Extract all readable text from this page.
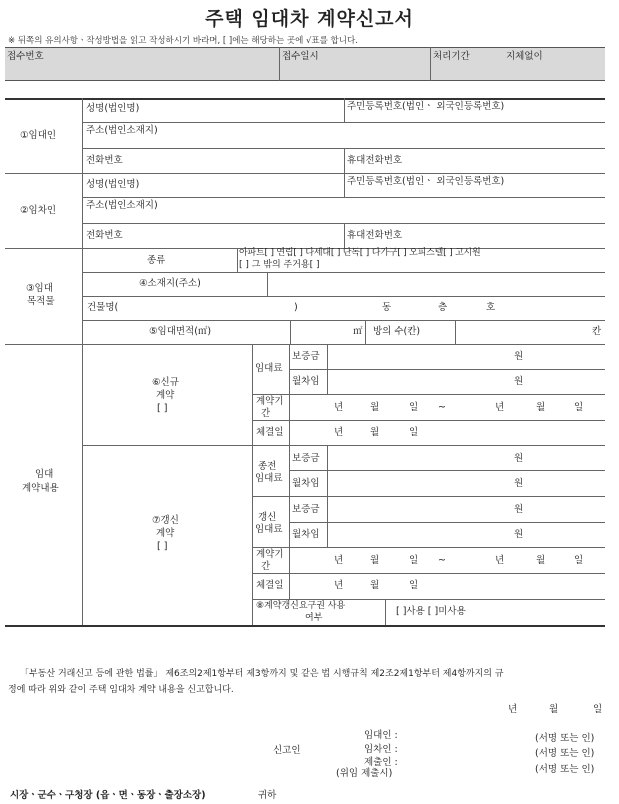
주택 임대차 계약신고서
※ 뒤쪽의 유의사항ㆍ작성방법을 읽고 작성하시기 바라며, [ ]에는 해당하는 곳에 √표를 합니다.
접수번호	접수일시	처리기간	지체없이
①임대인
성명(법인명)	주민등록번호(법인ㆍ 외국인등록번호)
주소(법인소재지)
전화번호	휴대전화번호
②임차인
성명(법인명)	주민등록번호(법인ㆍ 외국인등록번호)
주소(법인소재지)
전화번호	휴대전화번호
③임대
목적물
종류
아파트[ ] 연립[ ] 다세대[ ] 단독[ ] 다가구[ ] 오피스텔[ ] 고시원
[ ] 그 밖의 주거용[ ]
④소재지(주소)
건물명(	)	동	층	호
⑤임대면적(㎡)	㎡ 방의 수(칸)	칸
임대
계약내용
⑥신규
계약
[ ]
임대료
보증금	원
월차임	원
계약기
간
년	월	일 ~	년	월	일
체결일	년	월	일
⑦갱신
계약
[ ]
종전
임대료
보증금	원
월차임	원
갱신
임대료
보증금	원
월차임	원
계약기
간
년	월	일 ~	년	월	일
체결일	년	월	일
⑧계약갱신요구권 사용
여부
[ ]사용 [ ]미사용
「부동산 거래신고 등에 관한 법률」 제6조의2제1항부터 제3항까지 및 같은 법 시행규칙 제2조2제1항부터 제4항까지의 규
정에 따라 위와 같이 주택 임대차 계약 내용을 신고합니다.
년	월	일
신고인
임대인 :
임차인 :
제출인 :
(위임 제출시)
(서명 또는 인)
(서명 또는 인)
(서명 또는 인)
시장ㆍ군수ㆍ구청장 (읍ㆍ면ㆍ동장ㆍ출장소장)	귀하
